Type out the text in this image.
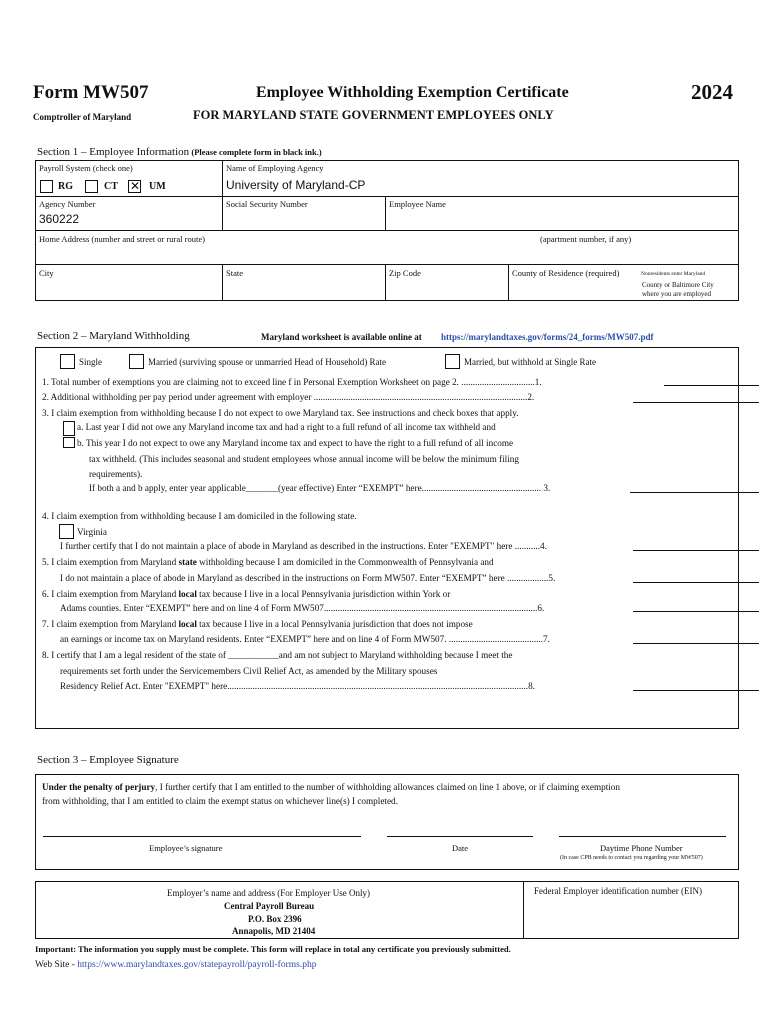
Form MW507
Comptroller of Maryland
Employee Withholding Exemption Certificate
FOR MARYLAND STATE GOVERNMENT EMPLOYEES ONLY
2024
Section 1 – Employee Information (Please complete form in black ink.)
Payroll System (check one)
RG	CT
✕	UM
Name of Employing Agency
University of Maryland-CP
Agency Number
360222
Social Security Number	Employee Name
Home Address (number and street or rural route)	(apartment number, if any)
City	State	Zip Code	County of Residence (required)	Nonresidents enter Maryland
County or Baltimore City
where you are employed
Section 2 – Maryland Withholding	Maryland worksheet is available online at https://marylandtaxes.gov/forms/24_forms/MW507.pdf
Single	Married (surviving spouse or unmarried Head of Household) Rate	Married, but withhold at Single Rate
1. Total number of exemptions you are claiming not to exceed line f in Personal Exemption Worksheet on page 2. ................................1.
2. Additional withholding per pay period under agreement with employer .............................................................................................2.
3. I claim exemption from withholding because I do not expect to owe Maryland tax. See instructions and check boxes that apply.
a. Last year I did not owe any Maryland income tax and had a right to a full refund of all income tax withheld and
b. This year I do not expect to owe any Maryland income tax and expect to have the right to a full refund of all income
tax withheld. (This includes seasonal and student employees whose annual income will be below the minimum filing
requirements).
If both a and b apply, enter year applicable_______(year effective) Enter “EXEMPT” here.................................................... 3.
4. I claim exemption from withholding because I am domiciled in the following state.
Virginia
I further certify that I do not maintain a place of abode in Maryland as described in the instructions. Enter "EXEMPT" here ...........4.
5. I claim exemption from Maryland state withholding because I am domiciled in the Commonwealth of Pennsylvania and
I do not maintain a place of abode in Maryland as described in the instructions on Form MW507. Enter “EXEMPT” here ..................5.
6. I claim exemption from Maryland local tax because I live in a local Pennsylvania jurisdiction within York or
Adams counties. Enter “EXEMPT” here and on line 4 of Form MW507.............................................................................................6.
7. I claim exemption from Maryland local tax because I live in a local Pennsylvania jurisdiction that does not impose
an earnings or income tax on Maryland residents. Enter “EXEMPT” here and on line 4 of Form MW507. .........................................7.
8. I certify that I am a legal resident of the state of ___________and am not subject to Maryland withholding because I meet the
requirements set forth under the Servicemembers Civil Relief Act, as amended by the Military spouses
Residency Relief Act. Enter "EXEMPT" here...................................................................................................................................8.
Section 3 – Employee Signature
Under the penalty of perjury, I further certify that I am entitled to the number of withholding allowances claimed on line 1 above, or if claiming exemption
from withholding, that I am entitled to claim the exempt status on whichever line(s) I completed.
Employee’s signature	Date	Daytime Phone Number
(In case CPB needs to contact you regarding your MW507)
Employer’s name and address (For Employer Use Only)
Central Payroll Bureau
P.O. Box 2396
Annapolis, MD 21404
Federal Employer identification number (EIN)
Important: The information you supply must be complete. This form will replace in total any certificate you previously submitted.
Web Site - https://www.marylandtaxes.gov/statepayroll/payroll-forms.php
